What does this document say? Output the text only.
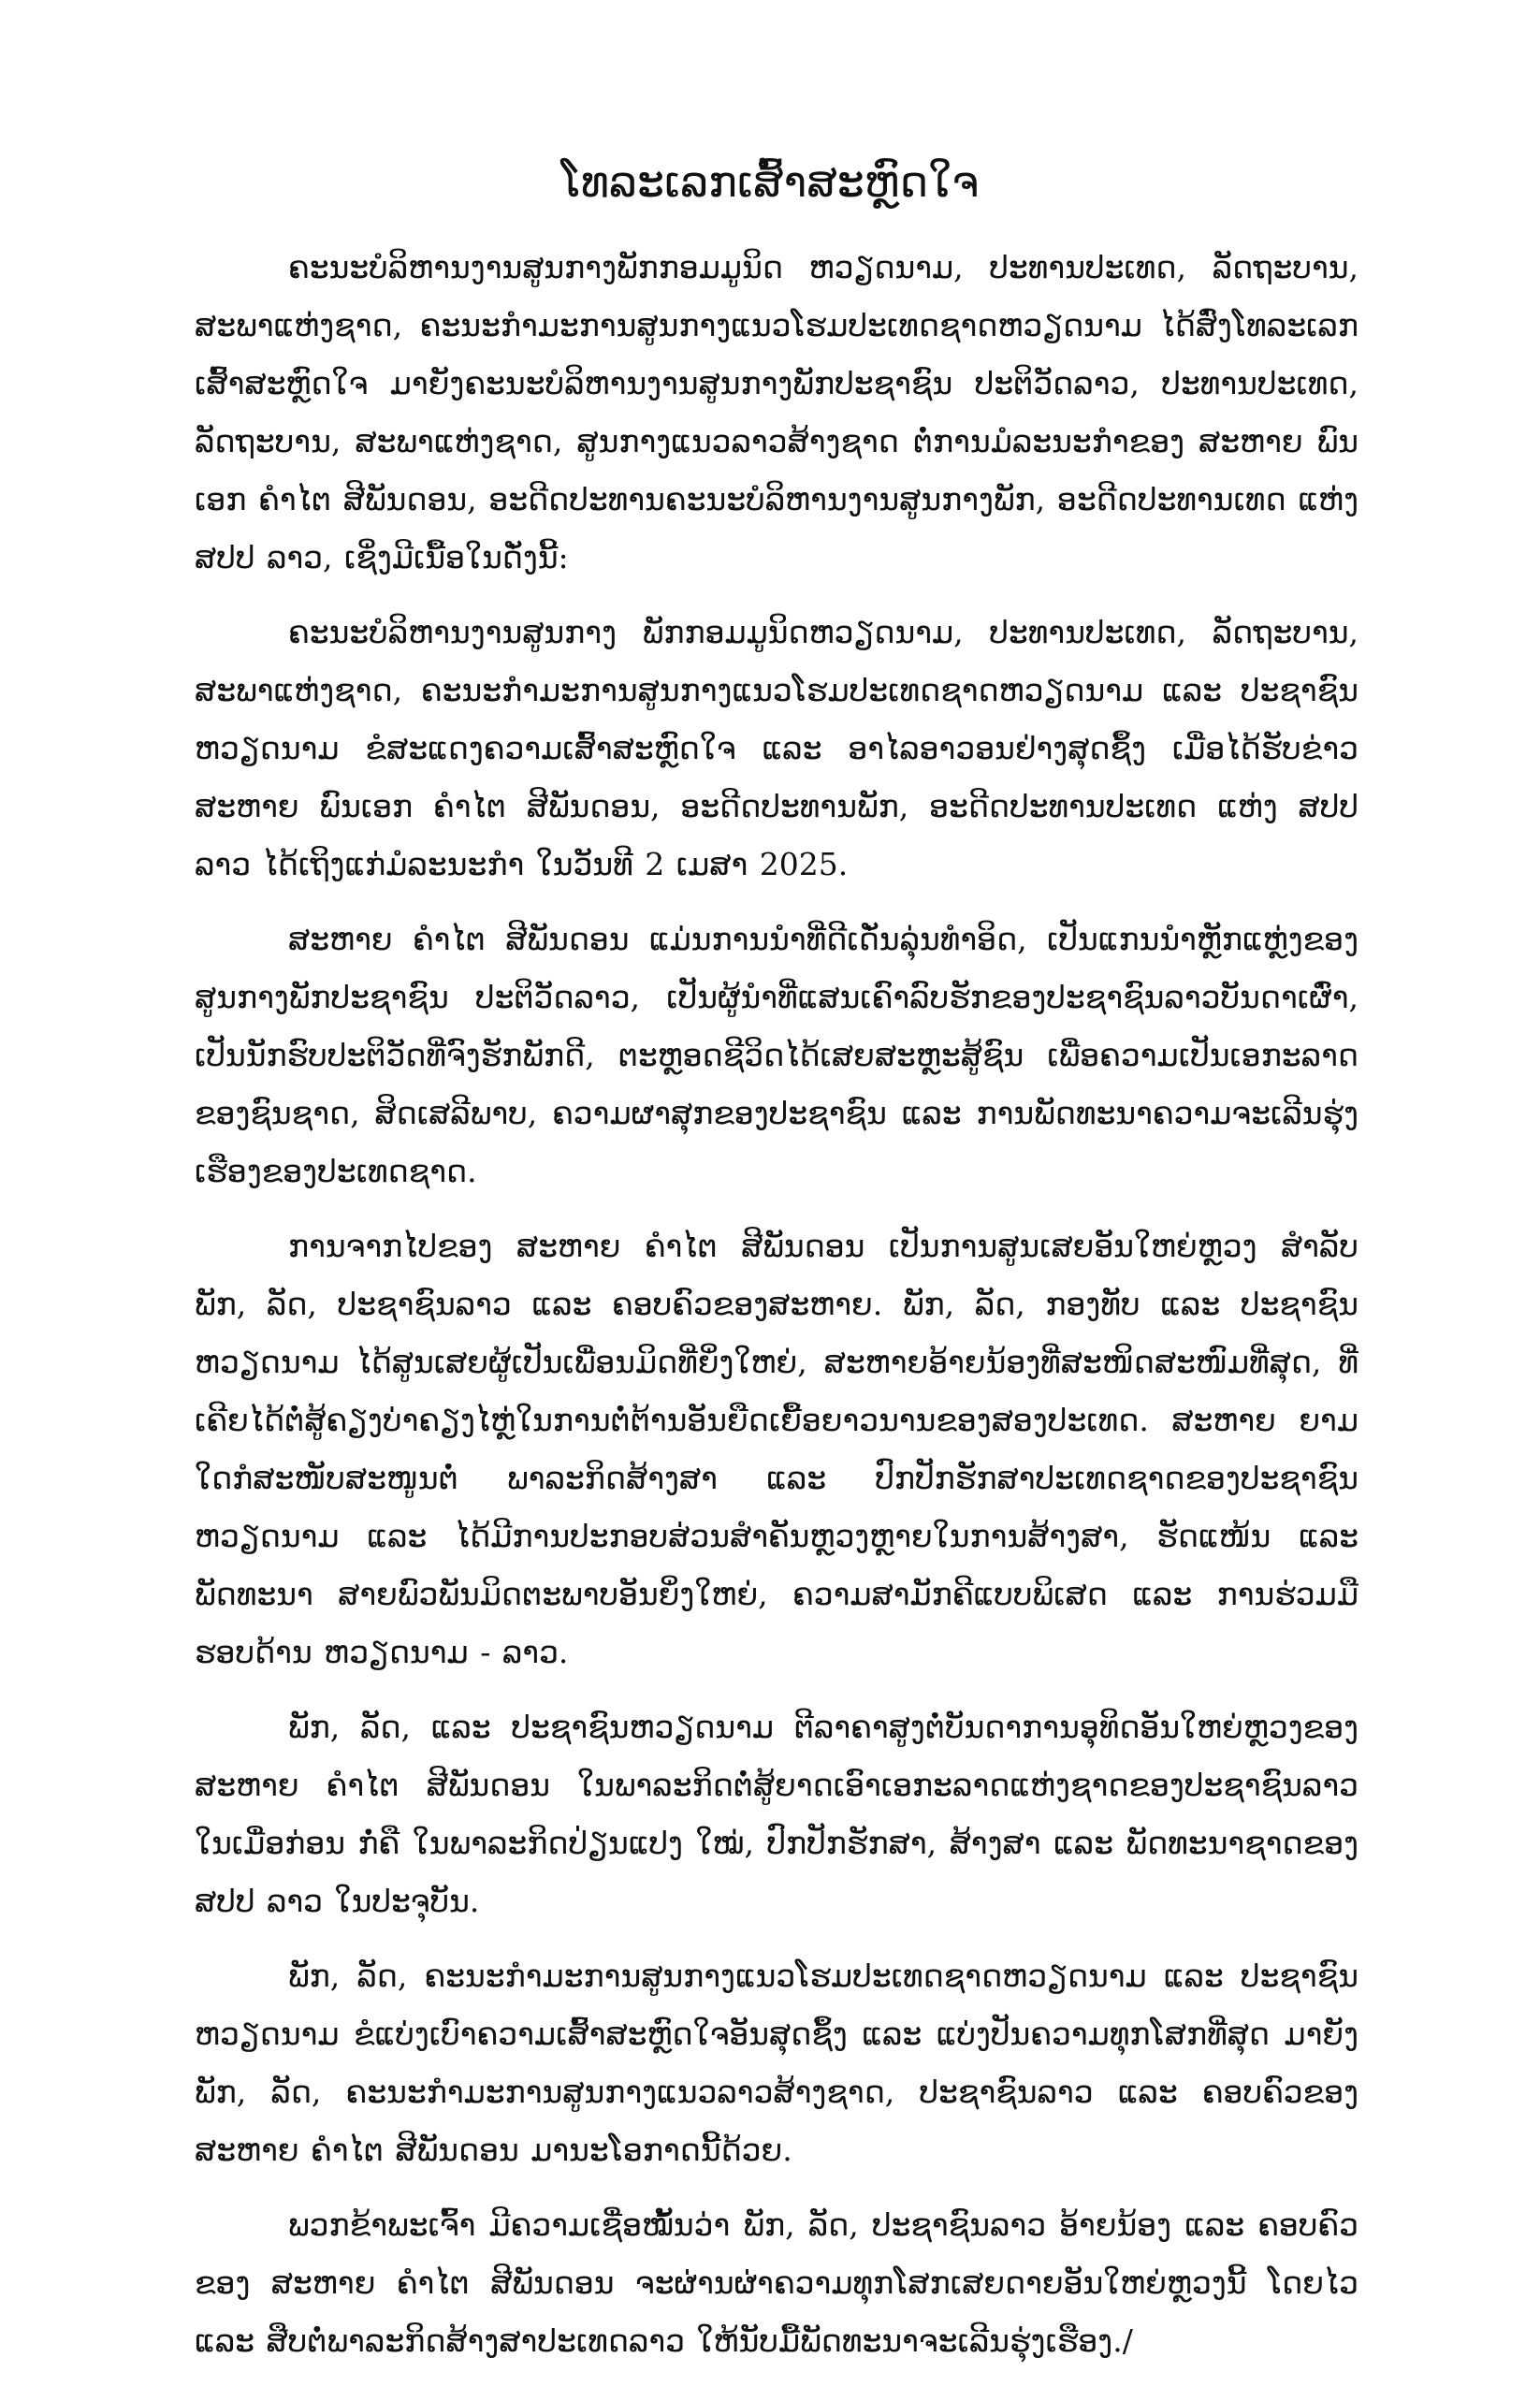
ໂທລະເລກເສົ້າສະຫຼົດໃຈ

ຄະນະບໍລິຫານງານສູນກາງພັກກອມມູນິດ ຫວຽດນາມ, ປະທານປະເທດ, ລັດຖະບານ, ສະພາແຫ່ງຊາດ, ຄະນະກຳມະການສູນກາງແນວໂຮມປະເທດຊາດຫວຽດນາມ ໄດ້ສົ່ງໂທລະເລກເສົ້າສະຫຼົດໃຈ ມາຍັງຄະນະບໍລິຫານງານສູນກາງພັກປະຊາຊົນ ປະຕິວັດລາວ, ປະທານປະເທດ, ລັດຖະບານ, ສະພາແຫ່ງຊາດ, ສູນກາງແນວລາວສ້າງຊາດ ຕໍ່ການມໍລະນະກຳຂອງ ສະຫາຍ ພົນເອກ ຄຳໄຕ ສີພັນດອນ, ອະດີດປະທານຄະນະບໍລິຫານງານສູນກາງພັກ, ອະດີດປະທານເທດ ແຫ່ງ ສປປ ລາວ, ເຊິ່ງມີເນື້ອໃນດັ່ງນີ້:

ຄະນະບໍລິຫານງານສູນກາງ ພັກກອມມູນິດຫວຽດນາມ, ປະທານປະເທດ, ລັດຖະບານ, ສະພາແຫ່ງຊາດ, ຄະນະກຳມະການສູນກາງແນວໂຮມປະເທດຊາດຫວຽດນາມ ແລະ ປະຊາຊົນຫວຽດນາມ ຂໍສະແດງຄວາມເສົ້າສະຫຼົດໃຈ ແລະ ອາໄລອາວອນຢ່າງສຸດຊຶ້ງ ເມື່ອໄດ້ຮັບຂ່າວ ສະຫາຍ ພົນເອກ ຄຳໄຕ ສີພັນດອນ, ອະດີດປະທານພັກ, ອະດີດປະທານປະເທດ ແຫ່ງ ສປປ ລາວ ໄດ້ເຖິງແກ່ມໍລະນະກຳ ໃນວັນທີ 2 ເມສາ 2025.

ສະຫາຍ ຄຳໄຕ ສີພັນດອນ ແມ່ນການນຳທີ່ດີເດັ່ນລຸ່ນທຳອິດ, ເປັນແກນນຳຫຼັກແຫຼ່ງຂອງສູນກາງພັກປະຊາຊົນ ປະຕິວັດລາວ, ເປັນຜູ້ນຳທີ່ແສນເຄົາລົບຮັກຂອງປະຊາຊົນລາວບັນດາເຜົ່າ, ເປັນນັກຮົບປະຕິວັດທີ່ຈົງຮັກພັກດີ, ຕະຫຼອດຊີວິດໄດ້ເສຍສະຫຼະສູ້ຊົນ ເພື່ອຄວາມເປັນເອກະລາດຂອງຊົນຊາດ, ສິດເສລີພາບ, ຄວາມຜາສຸກຂອງປະຊາຊົນ ແລະ ການພັດທະນາຄວາມຈະເລີນຮຸ່ງເຮືອງຂອງປະເທດຊາດ.

ການຈາກໄປຂອງ ສະຫາຍ ຄຳໄຕ ສີພັນດອນ ເປັນການສູນເສຍອັນໃຫຍ່ຫຼວງ ສຳລັບ ພັກ, ລັດ, ປະຊາຊົນລາວ ແລະ ຄອບຄົວຂອງສະຫາຍ. ພັກ, ລັດ, ກອງທັບ ແລະ ປະຊາຊົນ ຫວຽດນາມ ໄດ້ສູນເສຍຜູ້ເປັນເພື່ອນມິດທີ່ຍິ່ງໃຫຍ່, ສະຫາຍອ້າຍນ້ອງທີ່ສະໜິດສະໜົມທີ່ສຸດ, ທີ່ເຄີຍໄດ້ຕໍ່ສູ້ຄຽງບ່າຄຽງໄຫຼ່ໃນການຕໍ່ຕ້ານອັນຍືດເຍື້ອຍາວນານຂອງສອງປະເທດ. ສະຫາຍ ຍາມໃດກໍສະໜັບສະໜູນຕໍ່ ພາລະກິດສ້າງສາ ແລະ ປົກປັກຮັກສາປະເທດຊາດຂອງປະຊາຊົນຫວຽດນາມ ແລະ ໄດ້ມີການປະກອບສ່ວນສຳຄັນຫຼວງຫຼາຍໃນການສ້າງສາ, ຮັດແໜ້ນ ແລະ ພັດທະນາ ສາຍພົວພັນມິດຕະພາບອັນຍິ່ງໃຫຍ່, ຄວາມສາມັກຄີແບບພິເສດ ແລະ ການຮ່ວມມືຮອບດ້ານ ຫວຽດນາມ - ລາວ.

ພັກ, ລັດ, ແລະ ປະຊາຊົນຫວຽດນາມ ຕີລາຄາສູງຕໍ່ບັນດາການອຸທິດອັນໃຫຍ່ຫຼວງຂອງ ສະຫາຍ ຄຳໄຕ ສີພັນດອນ ໃນພາລະກິດຕໍ່ສູ້ຍາດເອົາເອກະລາດແຫ່ງຊາດຂອງປະຊາຊົນລາວ ໃນເມື່ອກ່ອນ ກໍ່ຄື ໃນພາລະກິດປ່ຽນແປງ ໃໝ່, ປົກປັກຮັກສາ, ສ້າງສາ ແລະ ພັດທະນາຊາດຂອງ ສປປ ລາວ ໃນປະຈຸບັນ.

ພັກ, ລັດ, ຄະນະກຳມະການສູນກາງແນວໂຮມປະເທດຊາດຫວຽດນາມ ແລະ ປະຊາຊົນຫວຽດນາມ ຂໍແບ່ງເບົາຄວາມເສົ້າສະຫຼົດໃຈອັນສຸດຊຶ້ງ ແລະ ແບ່ງປັນຄວາມທຸກໂສກທີ່ສຸດ ມາຍັງ ພັກ, ລັດ, ຄະນະກຳມະການສູນກາງແນວລາວສ້າງຊາດ, ປະຊາຊົນລາວ ແລະ ຄອບຄົວຂອງ ສະຫາຍ ຄຳໄຕ ສີພັນດອນ ມານະໂອກາດນີ້ດ້ວຍ.

ພວກຂ້າພະເຈົ້າ ມີຄວາມເຊື່ອໝັ້ນວ່າ ພັກ, ລັດ, ປະຊາຊົນລາວ ອ້າຍນ້ອງ ແລະ ຄອບຄົວຂອງ ສະຫາຍ ຄຳໄຕ ສີພັນດອນ ຈະຜ່ານຜ່າຄວາມທຸກໂສກເສຍດາຍອັນໃຫຍ່ຫຼວງນີ້ ໂດຍໄວ ແລະ ສືບຕໍ່ພາລະກິດສ້າງສາປະເທດລາວ ໃຫ້ນັບມື້ພັດທະນາຈະເລີນຮຸ່ງເຮືອງ./
